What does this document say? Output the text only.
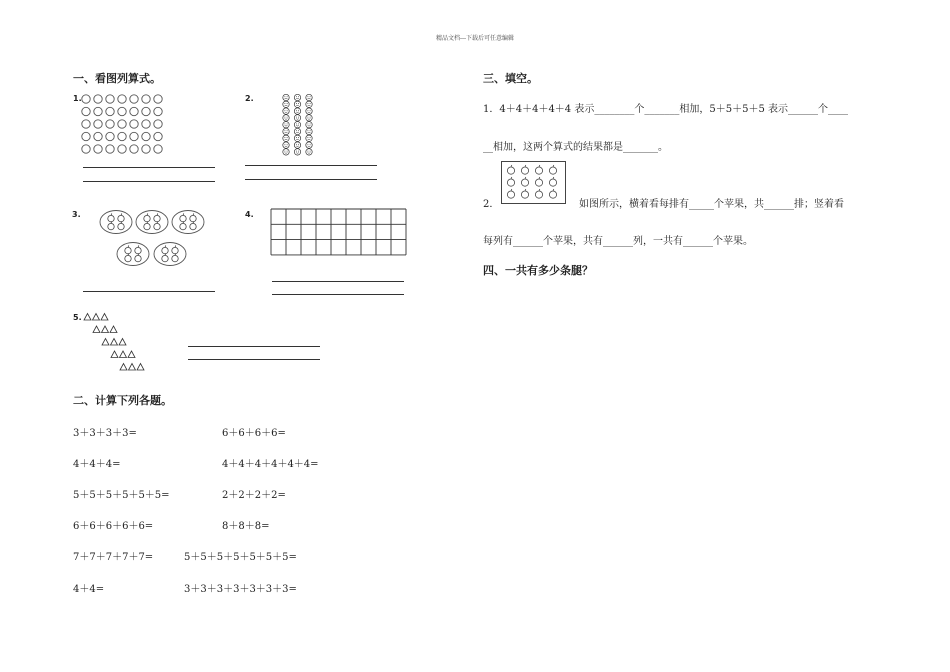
精品文档---下载后可任意编辑
一、看图列算式。
1.	2.
3.	4.
5.
二、计算下列各题。
3＋3＋3＋3=	6＋6＋6＋6=
4＋4＋4=	4＋4＋4＋4＋4＋4=
5＋5＋5＋5＋5＋5=	2＋2＋2＋2=
6＋6＋6＋6＋6=	8＋8＋8=
7＋7＋7＋7＋7=	5＋5＋5＋5＋5＋5＋5=
4＋4=	3＋3＋3＋3＋3＋3＋3=
三、填空。
1．4＋4＋4＋4＋4 表示________个_______相加，5＋5＋5＋5 表示______个____
__相加，这两个算式的结果都是_______。
2．	如图所示，横着看每排有_____个苹果，共______排；竖着看
每列有______个苹果，共有______列，一共有______个苹果。
四、一共有多少条腿？
